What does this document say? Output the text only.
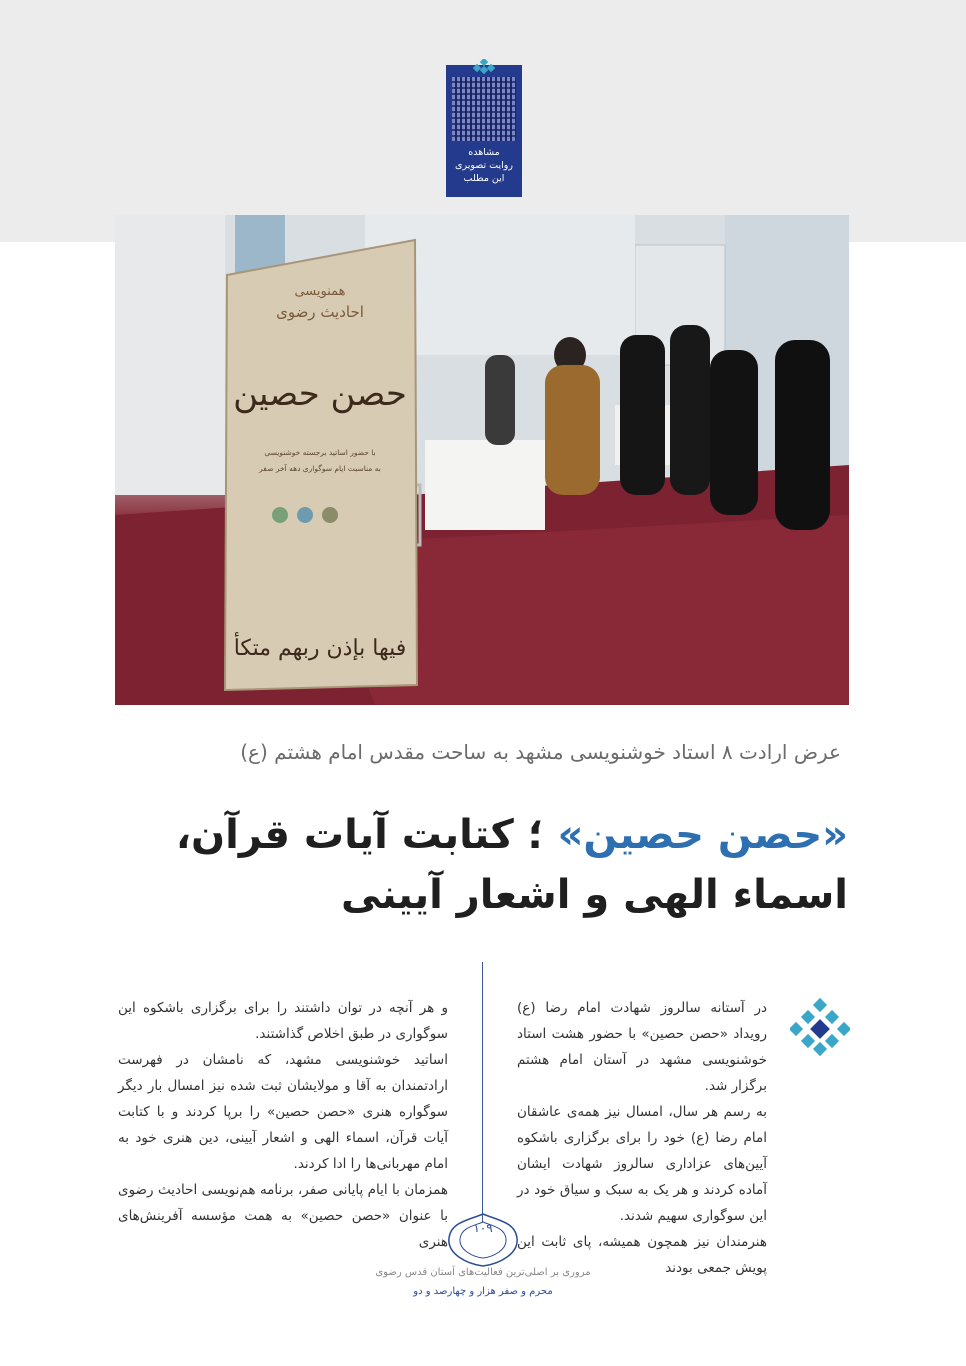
مشاهده
روایت تصویری
این مطلب
همنویسی
احادیث رضوی
حصن حصین
با حضور اساتید برجسته خوشنویسی
به مناسبت ایام سوگواری دهه آخر صفر
فیها بإذن ربهم متکأ
عرض ارادت ۸ استاد خوشنویسی مشهد به ساحت مقدس امام هشتم (ع)
«حصن حصین» ؛ کتابت آیات قرآن،
اسماء الهی و اشعار آیینی

در آستانه سالروز شهادت امام رضا (ع) رویداد «حصن حصین» با حضور هشت استاد خوشنویسی مشهد در آستان امام هشتم برگزار شد.

به رسم هر سال، امسال نیز همه‌ی عاشقان امام رضا (ع) خود را برای برگزاری باشکوه آیین‌های عزاداری سالروز شهادت ایشان آماده کردند و هر یک به سبک و سیاق خود در این سوگواری سهیم شدند.

هنرمندان نیز همچون همیشه، پای ثابت این پویش جمعی بودند

و هر آنچه در توان داشتند را برای برگزاری باشکوه این سوگواری در طبق اخلاص گذاشتند.

اساتید خوشنویسی مشهد، که نامشان در فهرست ارادتمندان به آقا و مولایشان ثبت شده نیز امسال بار دیگر سوگواره هنری «حصن حصین» را برپا کردند و با کتابت آیات قرآن، اسماء الهی و اشعار آیینی، دین هنری خود به امام مهربانی‌ها را ادا کردند.

همزمان با ایام پایانی صفر، برنامه هم‌نویسی احادیث رضوی با عنوان «حصن حصین» به همت مؤسسه آفرینش‌های هنری

۱۰۹
مروری بر اصلی‌ترین فعالیت‌های آستان قدس رضوی
محرم و صفر هزار و چهارصد و دو
